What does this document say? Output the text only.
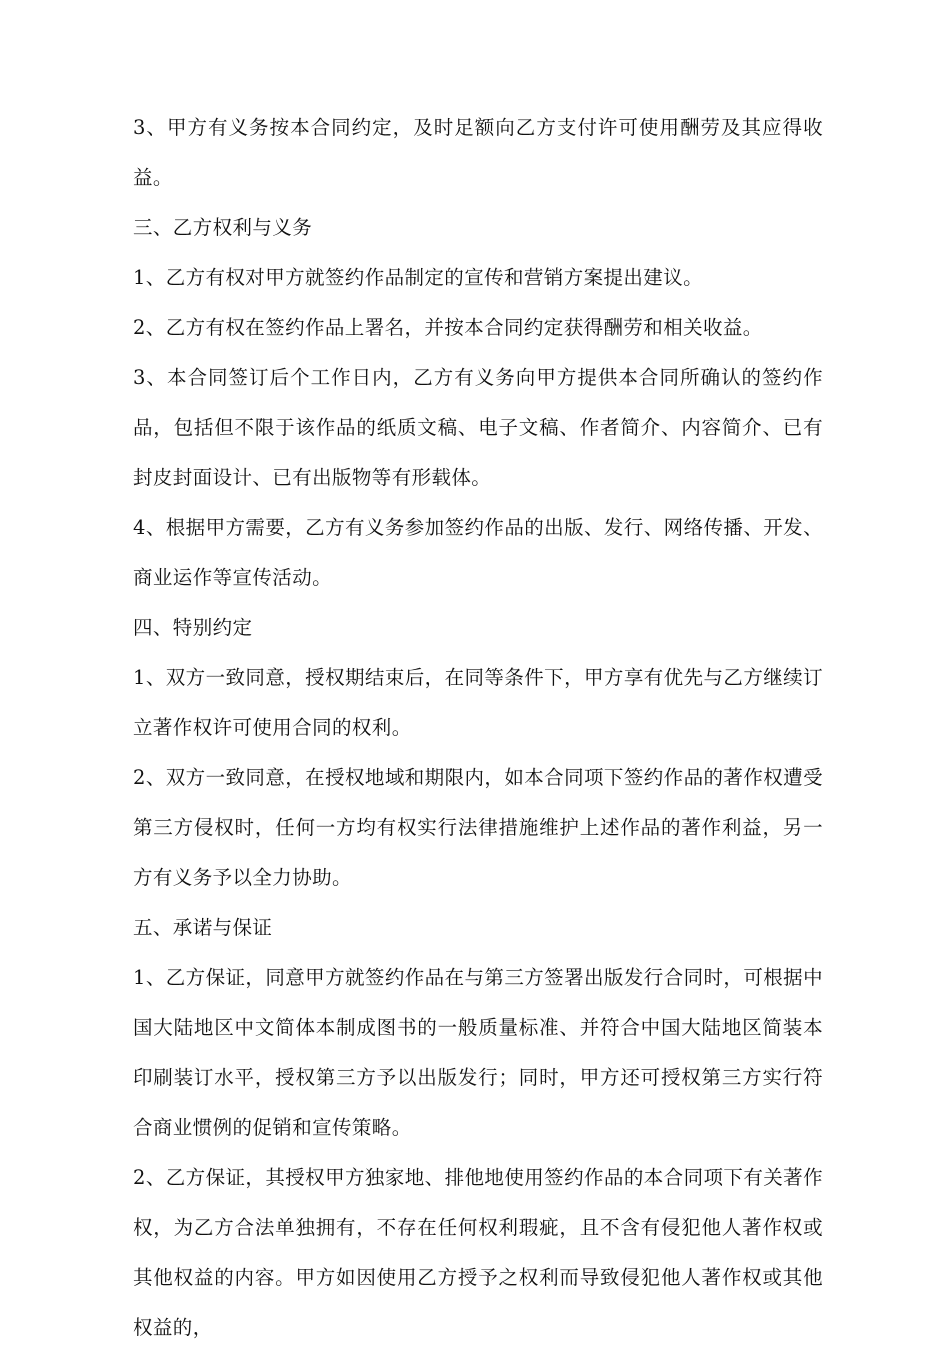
3、甲方有义务按本合同约定，及时足额向乙方支付许可使用酬劳及其应得收益。

三、乙方权利与义务

1、乙方有权对甲方就签约作品制定的宣传和营销方案提出建议。

2、乙方有权在签约作品上署名，并按本合同约定获得酬劳和相关收益。

3、本合同签订后个工作日内，乙方有义务向甲方提供本合同所确认的签约作品，包括但不限于该作品的纸质文稿、电子文稿、作者简介、内容简介、已有封皮封面设计、已有出版物等有形载体。

4、根据甲方需要，乙方有义务参加签约作品的出版、发行、网络传播、开发、商业运作等宣传活动。

四、特别约定

1、双方一致同意，授权期结束后，在同等条件下，甲方享有优先与乙方继续订立著作权许可使用合同的权利。

2、双方一致同意，在授权地域和期限内，如本合同项下签约作品的著作权遭受第三方侵权时，任何一方均有权实行法律措施维护上述作品的著作利益，另一方有义务予以全力协助。

五、承诺与保证

1、乙方保证，同意甲方就签约作品在与第三方签署出版发行合同时，可根据中国大陆地区中文简体本制成图书的一般质量标准、并符合中国大陆地区简装本印刷装订水平，授权第三方予以出版发行；同时，甲方还可授权第三方实行符合商业惯例的促销和宣传策略。

2、乙方保证，其授权甲方独家地、排他地使用签约作品的本合同项下有关著作权，为乙方合法单独拥有，不存在任何权利瑕疵，且不含有侵犯他人著作权或其他权益的内容。甲方如因使用乙方授予之权利而导致侵犯他人著作权或其他权益的，
